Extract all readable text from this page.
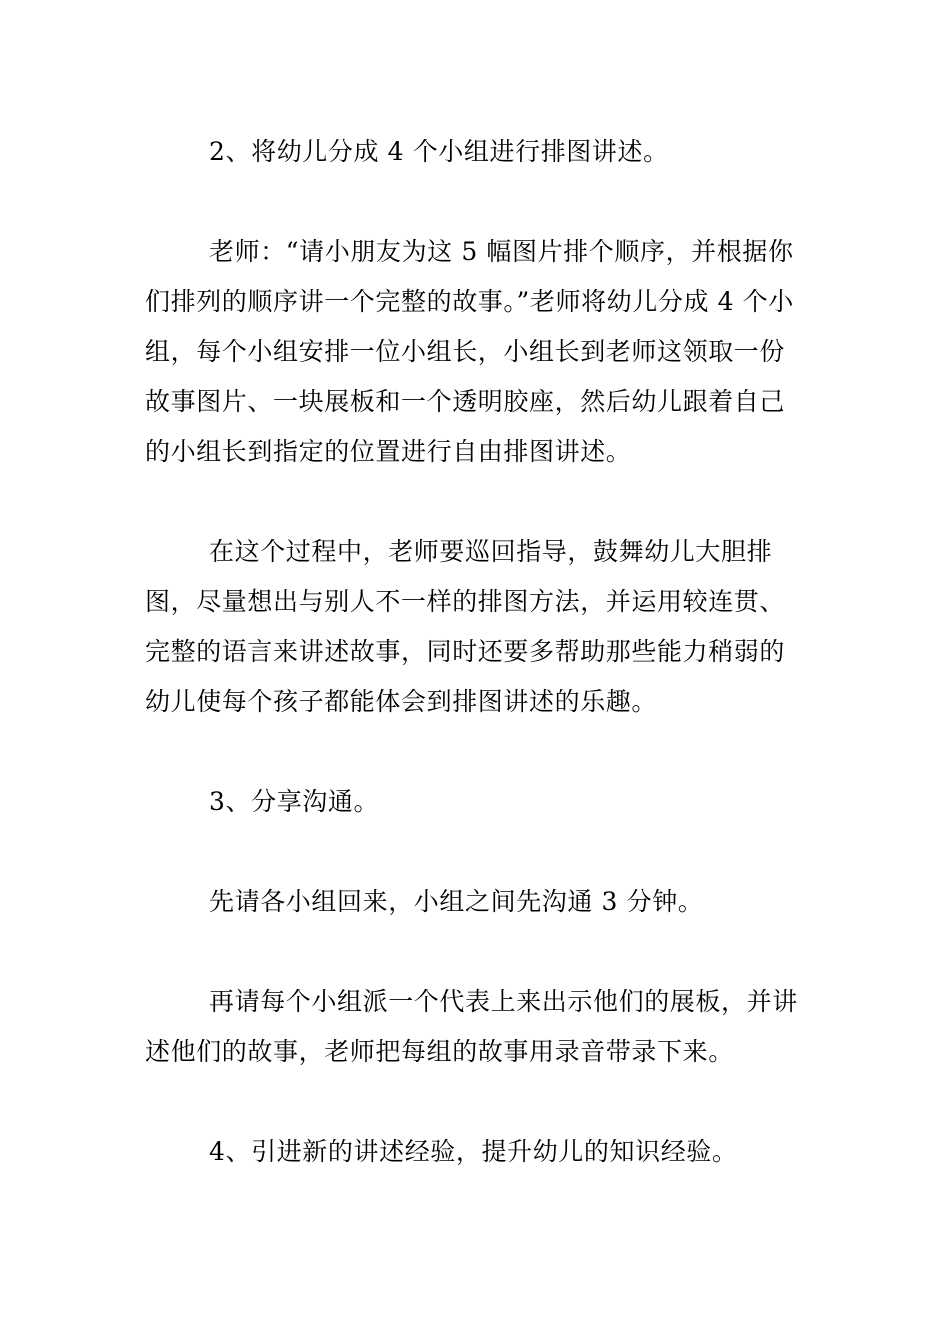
2、将幼儿分成 4 个小组进行排图讲述。

老师：“请小朋友为这 5 幅图片排个顺序，并根据你们排列的顺序讲一个完整的故事。”老师将幼儿分成 4 个小组，每个小组安排一位小组长，小组长到老师这领取一份故事图片、一块展板和一个透明胶座，然后幼儿跟着自己的小组长到指定的位置进行自由排图讲述。

在这个过程中，老师要巡回指导，鼓舞幼儿大胆排图，尽量想出与别人不一样的排图方法，并运用较连贯、完整的语言来讲述故事，同时还要多帮助那些能力稍弱的幼儿使每个孩子都能体会到排图讲述的乐趣。

3、分享沟通。

先请各小组回来，小组之间先沟通 3 分钟。

再请每个小组派一个代表上来出示他们的展板，并讲述他们的故事，老师把每组的故事用录音带录下来。

4、引进新的讲述经验，提升幼儿的知识经验。
